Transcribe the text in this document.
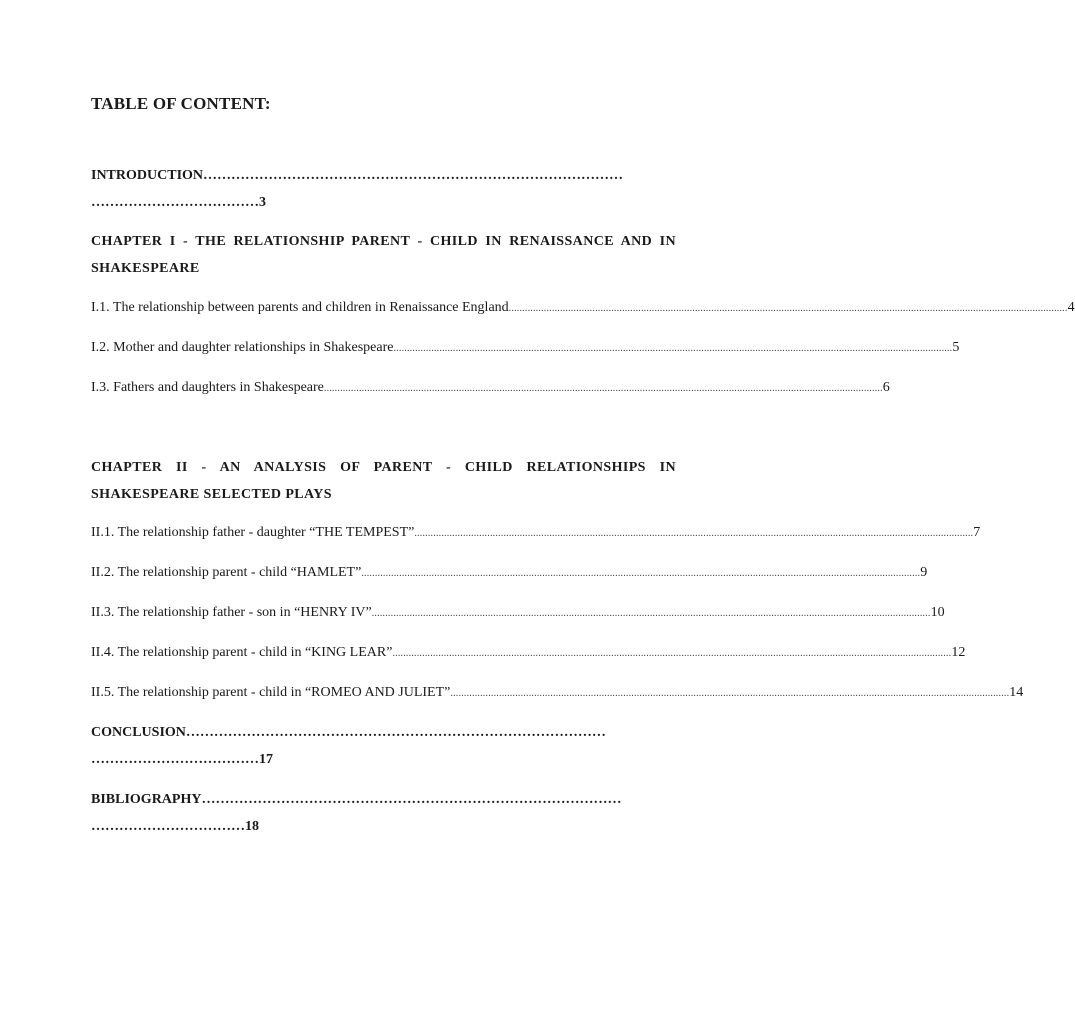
TABLE OF CONTENT:
INTRODUCTION………………………………………………………………………………
………………………………3
CHAPTER I - THE RELATIONSHIP PARENT - CHILD IN RENAISSANCE AND IN
SHAKESPEARE
I.1. The relationship between parents and children in Renaissance England ............................................................................................................................................................................................................... 4
I.2. Mother and daughter relationships in Shakespeare ............................................................................................................................................................................................................... 5
I.3. Fathers and daughters in Shakespeare ............................................................................................................................................................................................................... 6
CHAPTER II - AN ANALYSIS OF PARENT - CHILD RELATIONSHIPS IN
SHAKESPEARE SELECTED PLAYS
II.1. The relationship father - daughter “THE TEMPEST” ............................................................................................................................................................................................................... 7
II.2. The relationship parent - child “HAMLET” ............................................................................................................................................................................................................... 9
II.3. The relationship father - son in “HENRY IV” ............................................................................................................................................................................................................... 10
II.4. The relationship parent - child in “KING LEAR” ............................................................................................................................................................................................................... 12
II.5. The relationship parent - child in “ROMEO AND JULIET” ............................................................................................................................................................................................................... 14
CONCLUSION………………………………………………………………………………
………………………………17
BIBLIOGRAPHY………………………………………………………………………………
……………………………18
